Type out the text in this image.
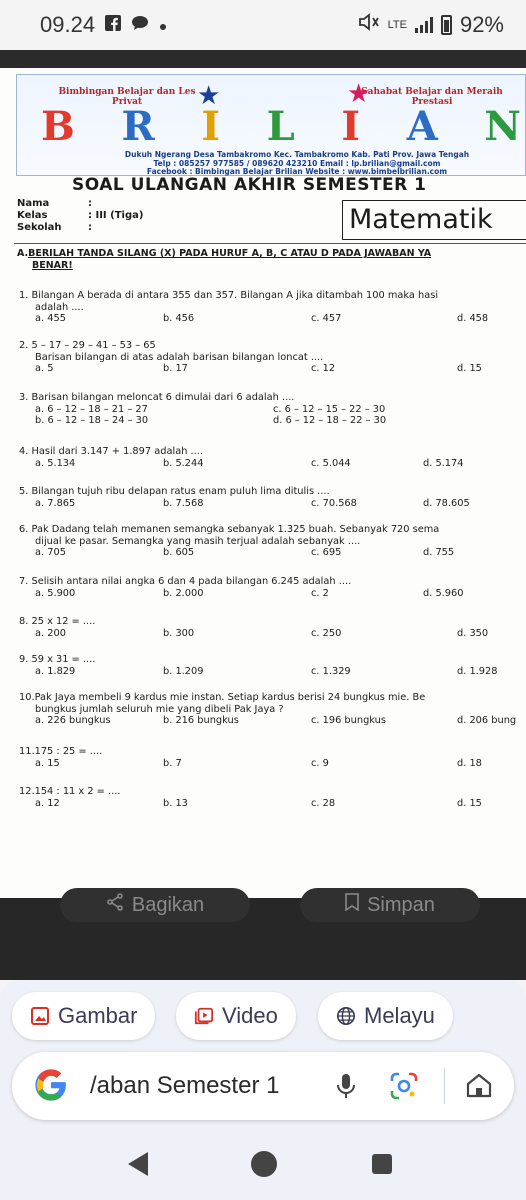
09.24	LTE 92%
Bimbingan Belajar dan Les Privat
Sahabat Belajar dan Meraih Prestasi
★	★
B R I L I A N
Dukuh Ngerang Desa Tambakromo Kec. Tambakromo Kab. Pati Prov. Jawa Tengah
Telp : 085257 977585 / 089620 423210 Email : lp.brilian@gmail.com
Facebook : Bimbingan Belajar Brilian Website : www.bimbelbrilian.com
SOAL ULANGAN AKHIR SEMESTER 1
Nama	:
Kelas	: III (Tiga)
Sekolah	:	Matematik
A.BERILAH TANDA SILANG (X) PADA HURUF A, B, C ATAU D PADA JAWABAN YA
BENAR!
1. Bilangan A berada di antara 355 dan 357. Bilangan A jika ditambah 100 maka hasi
adalah ....
a. 455	b. 456	c. 457	d. 458
2. 5 – 17 – 29 – 41 – 53 – 65
Barisan bilangan di atas adalah barisan bilangan loncat ....
a. 5	b. 17	c. 12	d. 15
3. Barisan bilangan meloncat 6 dimulai dari 6 adalah ....
a. 6 – 12 – 18 – 21 – 27	c. 6 – 12 – 15 – 22 – 30
b. 6 – 12 – 18 – 24 – 30	d. 6 – 12 – 18 – 22 – 30
4. Hasil dari 3.147 + 1.897 adalah ....
a. 5.134	b. 5.244	c. 5.044	d. 5.174
5. Bilangan tujuh ribu delapan ratus enam puluh lima ditulis ....
a. 7.865	b. 7.568	c. 70.568	d. 78.605
6. Pak Dadang telah memanen semangka sebanyak 1.325 buah. Sebanyak 720 sema
dijual ke pasar. Semangka yang masih terjual adalah sebanyak ....
a. 705	b. 605	c. 695	d. 755
7. Selisih antara nilai angka 6 dan 4 pada bilangan 6.245 adalah ....
a. 5.900	b. 2.000	c. 2	d. 5.960
8. 25 x 12 = ....
a. 200	b. 300	c. 250	d. 350
9. 59 x 31 = ....
a. 1.829	b. 1.209	c. 1.329	d. 1.928
10.Pak Jaya membeli 9 kardus mie instan. Setiap kardus berisi 24 bungkus mie. Be
bungkus jumlah seluruh mie yang dibeli Pak Jaya ?
a. 226 bungkus	b. 216 bungkus	c. 196 bungkus	d. 206 bung
11.175 : 25 = ....
a. 15	b. 7	c. 9	d. 18
12.154 : 11 x 2 = ....
a. 12	b. 13	c. 28	d. 15
Bagikan	Simpan
Gambar	Video	Melayu
/aban Semester 1
